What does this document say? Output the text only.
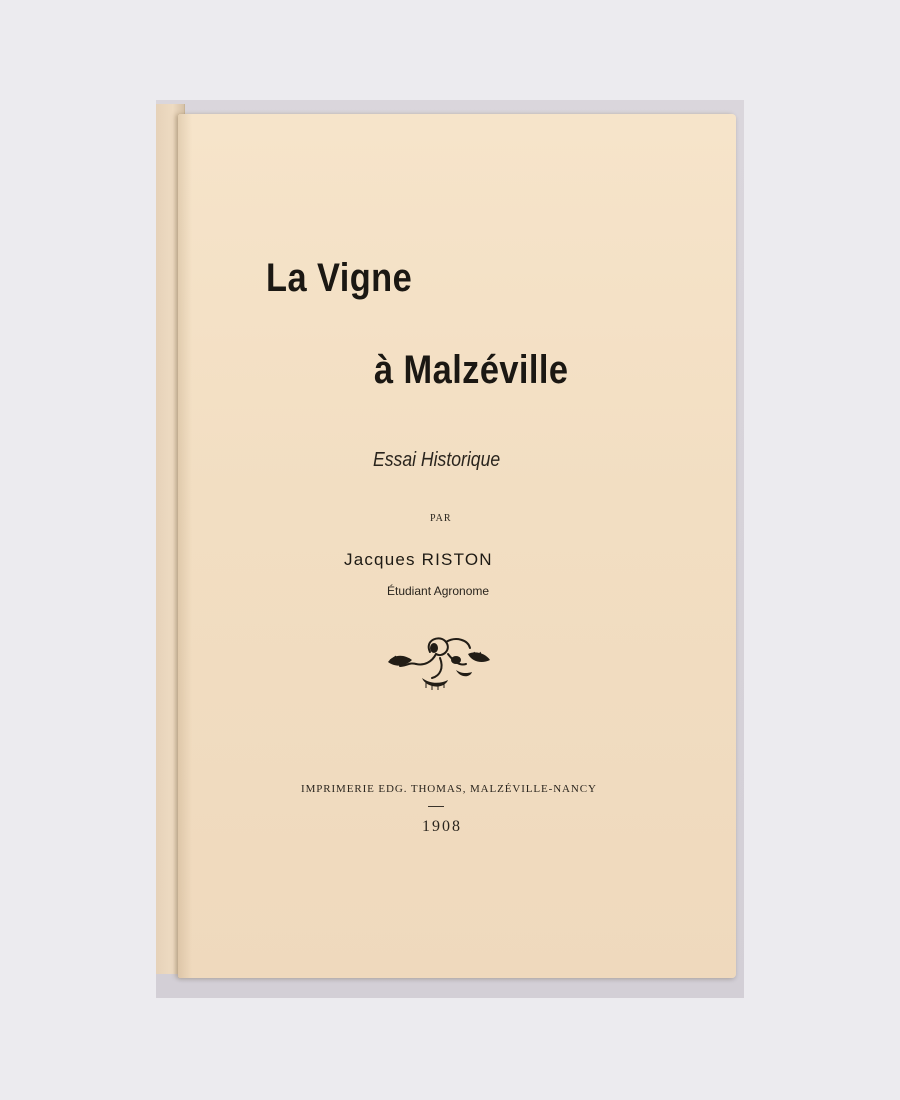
La Vigne
à Malzéville
Essai Historique
PAR
Jacques RISTON
Étudiant Agronome
IMPRIMERIE EDG. THOMAS, MALZÉVILLE-NANCY
1908
